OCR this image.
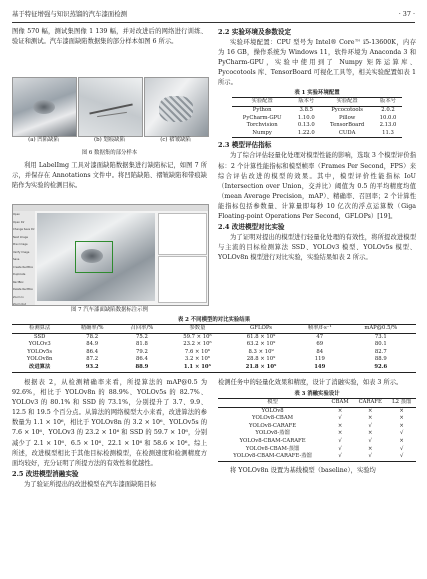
基于特征增强与知识蒸馏的汽车漆面检测	· 37 ·

图像 570 幅，测试集图像 1 139 幅，并对改进后的网络进行训练、验证和测试。汽车漆面缺陷数据集的部分样本如图 6 所示。

(a) 凹陷缺陷	(b) 划痕缺陷	(c) 褶皱缺陷
图 6 数据集的部分样本

利用 LabelImg 工具对漆面缺陷数据集进行缺陷标记，如图 7 所示，并保存在 Annotations 文件中。将凹陷缺陷、褶皱缺陷和带痕缺陷作为实验的检测目标。

Open
Open Dir
Change Save Dir
Next Image
Prev Image
Verify Image
Save
Create RectBox
Duplicate RectBox
Delete RectBox
Zoom In
Zoom Out
图 7 汽车漆面缺陷数据标注示例
表 2 不同模型的对比实验结果
检测算法	精确率/%	召回率/%	参数量	GFLOPs	帧率/f·s⁻¹	mAP@0.5/%
SSD	78.2	75.2	59.7 × 10⁶	61.8 × 10⁹	47	73.1
YOLOv3	84.9	81.8	23.2 × 10⁶	63.2 × 10⁹	69	80.1
YOLOv5s	86.4	79.2	7.6 × 10⁶	8.3 × 10⁹	84	82.7
YOLOv8n	87.2	86.4	3.2 × 10⁶	28.8 × 10⁹	119	88.9
改进算法	93.2	88.9	1.1 × 10⁶	21.8 × 10⁹	149	92.6

根据表 2，从检测精确率来看，所提算法的 mAP@0.5 为 92.6%，相比于 YOLOv8n 的 88.9%、YOLOv5s 的 82.7%、YOLOv3 的 80.1% 和 SSD 的 73.1%，分别提升了 3.7、9.9、12.5 和 19.5 个百分点。从算法的网络模型大小来看，改进算法的参数量为 1.1 × 10⁶，相比于 YOLOv8n 的 3.2 × 10⁶、YOLOv5s 的 7.6 × 10⁶、YOLOv3 的 23.2 × 10⁶ 和 SSD 的 59.7 × 10⁶，分别减少了 2.1 × 10⁶、6.5 × 10⁶、22.1 × 10⁶ 和 58.6 × 10⁶。综上所述，改进模型相比于其他目标检测模型，在检测速度和检测精度方面均较好，充分证明了所提方法的有效性和优越性。

2.5 改进模型消融实验

为了验证所提出的改进模型在汽车漆面缺陷目标

2.2 实验环境及参数设定

实验环境配置：CPU 型号为 Intel® Core™ i5-13600K，内存为 16 GB，操作系统为 Windows 11，软件环境为 Anaconda 3 和 PyCharm-GPU，实验中使用到了 Numpy 矩阵运算库、Pycocotools 库、TensorBoard 可视化工具等，相关实验配置如表 1 所示。

表 1 实验环境配置
实验配置	版本号	实验配置	版本号
Python	3.8.5	Pycocotools	2.0.2
PyCharm-GPU	1.10.0	Pillow	10.0.0
Torchvision	0.13.0	TensorBoard	2.13.0
Numpy	1.22.0	CUDA	11.3
2.3 模型评估指标

为了综合评估轻量化处理对模型性能的影响，选取 3 个模型评价指标：2 个计算性能指标和模型帧率（Frames Per Second，FPS）来综合评估改进的模型的效果。其中，模型评价性能指标 IoU（Intersection over Union，交并比）阈值为 0.5 的平均精度均值（mean Average Precision，mAP）、精确率、召回率；2 个计算性能指标包括参数量、计算量即每秒 10 亿次的浮点运算数（Giga Floating-point Operations Per Second，GFLOPs）[19]。

2.4 改进模型对比实验

为了证明对提出的模型进行轻量化处理的有效性，将所提改进模型与主流的目标检测算法 SSD、YOLOv3 模型、YOLOv5s 模型、YOLOv8n 模型进行对比实验，实验结果如表 2 所示。

检测任务中的轻量化效果和精度，设计了消融实验，如表 3 所示。

表 3 消融实验设计
模型	CBAM	CARAFE	L2 蒸馏
YOLOv8	×	×	×
YOLOv8-CBAM	√	×	×
YOLOv8-CARAFE	×	√	×
YOLOv8-蒸馏	×	×	√
YOLOv8-CBAM-CARAFE	√	√	×
YOLOv8-CBAM-蒸馏	√	×	√
YOLOv8-CBAM-CARAFE-蒸馏	√	√	√

将 YOLOv8n 设置为基线模型（baseline），实验均
